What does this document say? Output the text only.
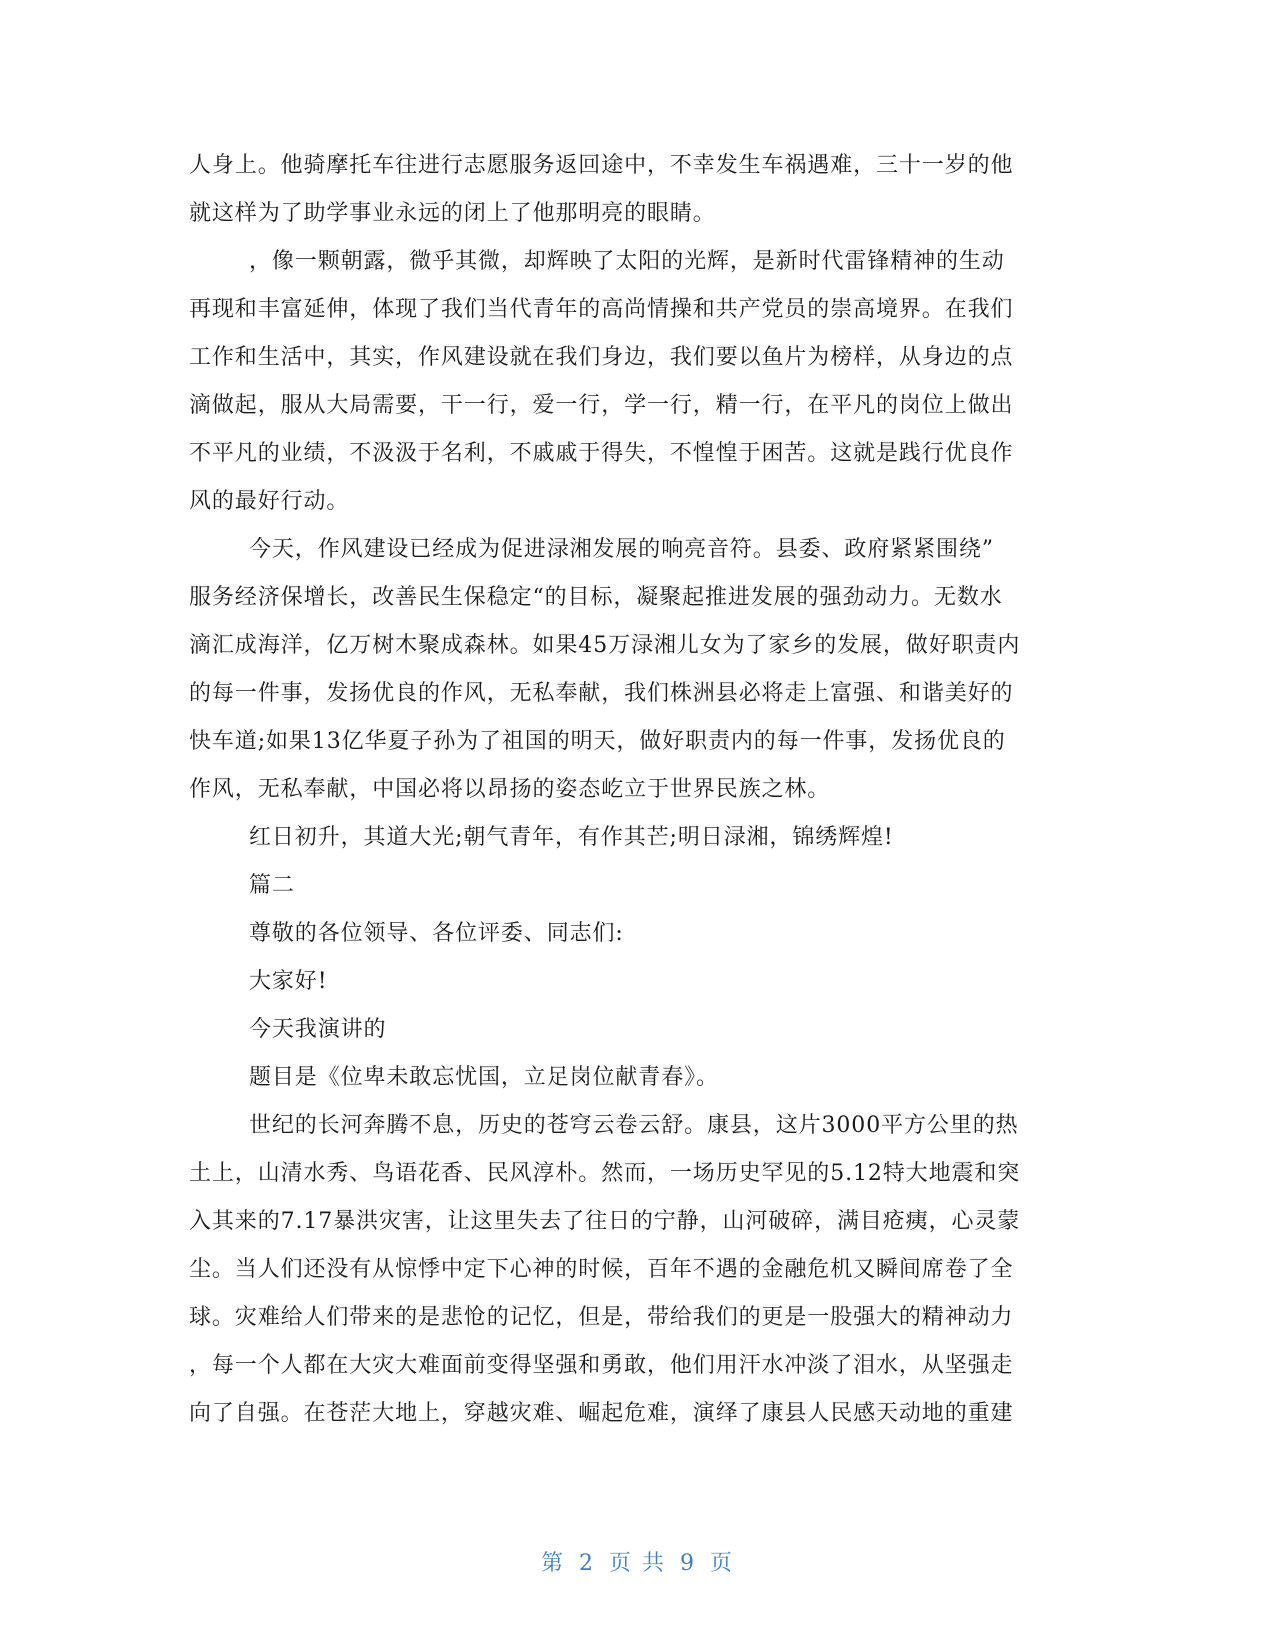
人身上。他骑摩托车往进行志愿服务返回途中，不幸发生车祸遇难，三十一岁的他
就这样为了助学事业永远的闭上了他那明亮的眼睛。
，像一颗朝露，微乎其微，却辉映了太阳的光辉，是新时代雷锋精神的生动
再现和丰富延伸，体现了我们当代青年的高尚情操和共产党员的崇高境界。在我们
工作和生活中，其实，作风建设就在我们身边，我们要以鱼片为榜样，从身边的点
滴做起，服从大局需要，干一行，爱一行，学一行，精一行，在平凡的岗位上做出
不平凡的业绩，不汲汲于名利，不戚戚于得失，不惶惶于困苦。这就是践行优良作
风的最好行动。
今天，作风建设已经成为促进渌湘发展的响亮音符。县委、政府紧紧围绕”
服务经济保增长，改善民生保稳定“的目标，凝聚起推进发展的强劲动力。无数水
滴汇成海洋，亿万树木聚成森林。如果45万渌湘儿女为了家乡的发展，做好职责内
的每一件事，发扬优良的作风，无私奉献，我们株洲县必将走上富强、和谐美好的
快车道;如果13亿华夏子孙为了祖国的明天，做好职责内的每一件事，发扬优良的
作风，无私奉献，中国必将以昂扬的姿态屹立于世界民族之林。
红日初升，其道大光;朝气青年，有作其芒;明日渌湘，锦绣辉煌!
篇二
尊敬的各位领导、各位评委、同志们:
大家好!
今天我演讲的
题目是《位卑未敢忘忧国，立足岗位献青春》。
世纪的长河奔腾不息，历史的苍穹云卷云舒。康县，这片3000平方公里的热
土上，山清水秀、鸟语花香、民风淳朴。然而，一场历史罕见的5.12特大地震和突
入其来的7.17暴洪灾害，让这里失去了往日的宁静，山河破碎，满目疮痍，心灵蒙
尘。当人们还没有从惊悸中定下心神的时候，百年不遇的金融危机又瞬间席卷了全
球。灾难给人们带来的是悲怆的记忆，但是，带给我们的更是一股强大的精神动力
，每一个人都在大灾大难面前变得坚强和勇敢，他们用汗水冲淡了泪水，从坚强走
向了自强。在苍茫大地上，穿越灾难、崛起危难，演绎了康县人民感天动地的重建
第 2 页 共 9 页
